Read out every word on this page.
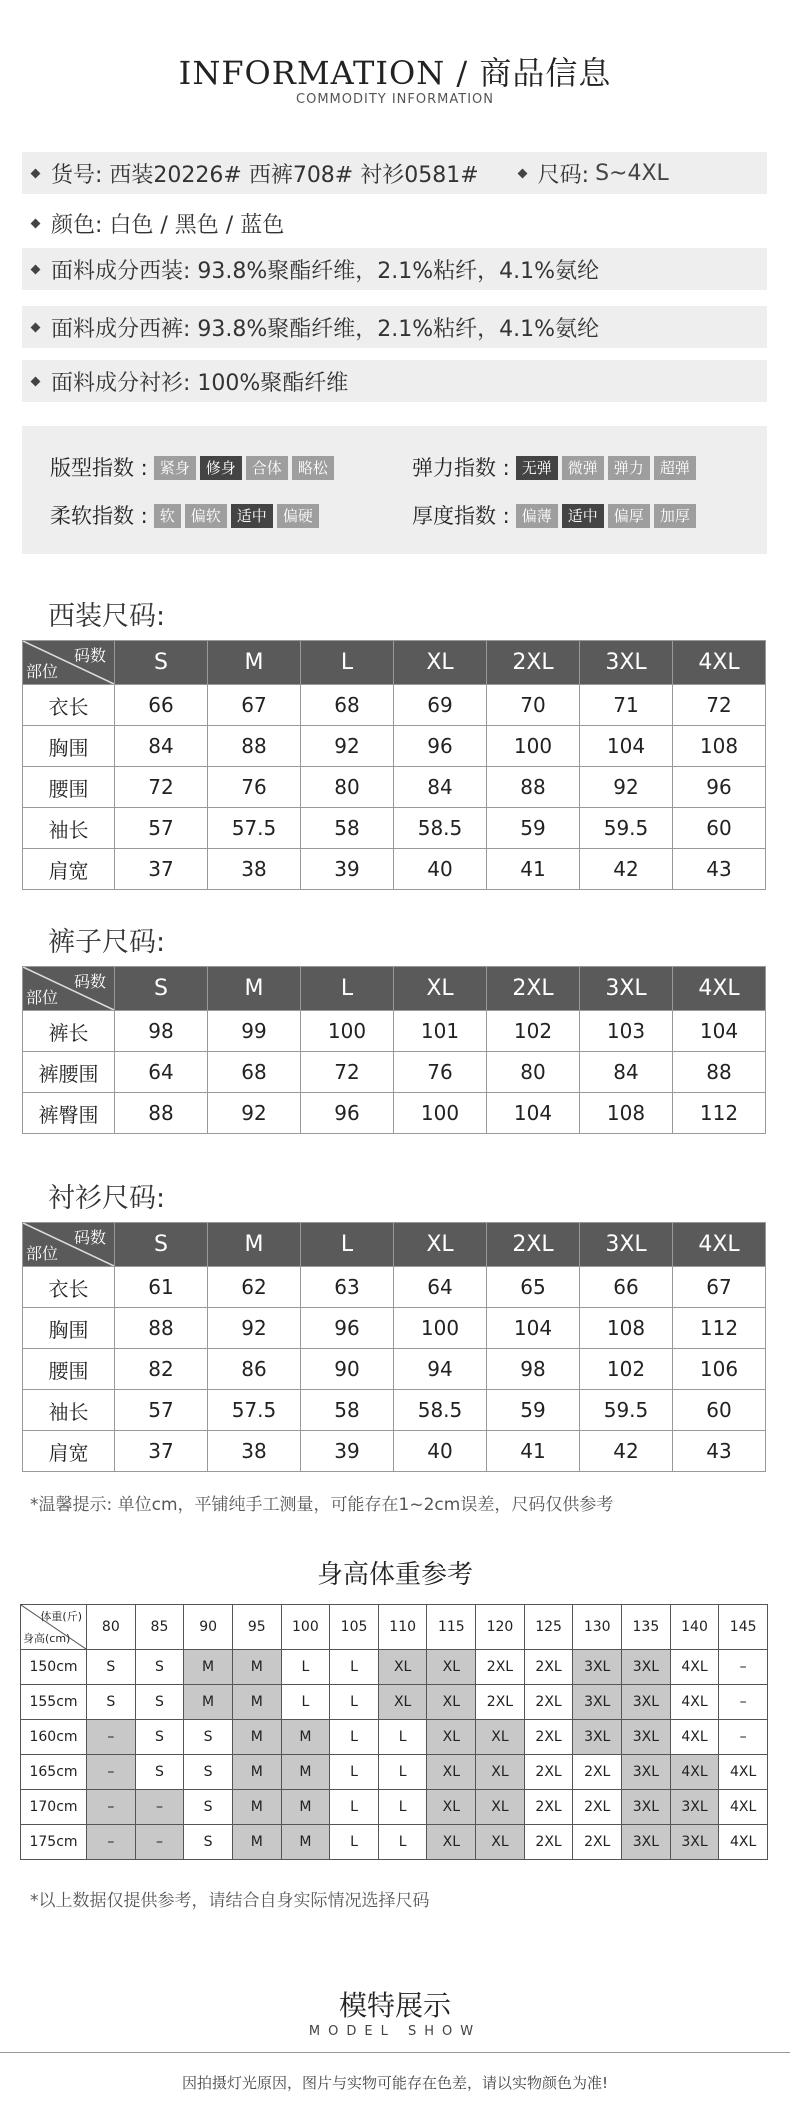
INFORMATION / 商品信息
COMMODITY INFORMATION
货号: 西装20226# 西裤708# 衬衫0581#	尺码: S~4XL
颜色: 白色 / 黑色 / 蓝色
面料成分西装: 93.8%聚酯纤维，2.1%粘纤，4.1%氨纶
面料成分西裤: 93.8%聚酯纤维，2.1%粘纤，4.1%氨纶
面料成分衬衫: 100%聚酯纤维
版型指数 : 紧身 修身 合体 略松	弹力指数 : 无弹 微弹 弹力 超弹
柔软指数 : 软 偏软 适中 偏硬	厚度指数 : 偏薄 适中 偏厚 加厚
西装尺码:
码数
部位	S	M	L	XL	2XL	3XL	4XL
衣长	66	67	68	69	70	71	72
胸围	84	88	92	96	100	104	108
腰围	72	76	80	84	88	92	96
袖长	57	57.5	58	58.5	59	59.5	60
肩宽	37	38	39	40	41	42	43
裤子尺码:
码数
部位	S	M	L	XL	2XL	3XL	4XL
裤长	98	99	100	101	102	103	104
裤腰围	64	68	72	76	80	84	88
裤臀围	88	92	96	100	104	108	112
衬衫尺码:
码数
部位	S	M	L	XL	2XL	3XL	4XL
衣长	61	62	63	64	65	66	67
胸围	88	92	96	100	104	108	112
腰围	82	86	90	94	98	102	106
袖长	57	57.5	58	58.5	59	59.5	60
肩宽	37	38	39	40	41	42	43
*温馨提示: 单位cm，平铺纯手工测量，可能存在1~2cm误差，尺码仅供参考
身高体重参考
体重(斤)
身高(cm)	80	85	90	95	100	105	110	115	120	125	130	135	140	145
150cm	S	S	M	M	L	L	XL	XL	2XL	2XL	3XL	3XL	4XL	–
155cm	S	S	M	M	L	L	XL	XL	2XL	2XL	3XL	3XL	4XL	–
160cm	–	S	S	M	M	L	L	XL	XL	2XL	3XL	3XL	4XL	–
165cm	–	S	S	M	M	L	L	XL	XL	2XL	2XL	3XL	4XL	4XL
170cm	–	–	S	M	M	L	L	XL	XL	2XL	2XL	3XL	3XL	4XL
175cm	–	–	S	M	M	L	L	XL	XL	2XL	2XL	3XL	3XL	4XL
*以上数据仅提供参考，请结合自身实际情况选择尺码
模特展示
MODEL SHOW
因拍摄灯光原因，图片与实物可能存在色差，请以实物颜色为准!
